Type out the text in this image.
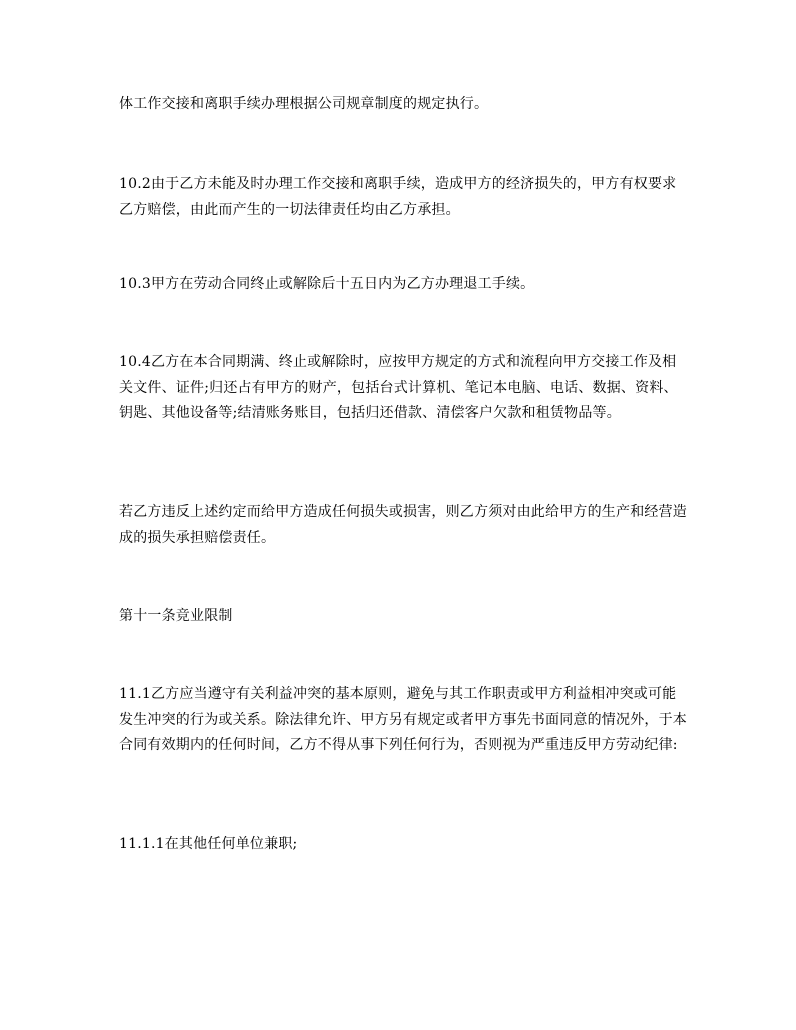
体工作交接和离职手续办理根据公司规章制度的规定执行。

10.2由于乙方未能及时办理工作交接和离职手续，造成甲方的经济损失的，甲方有权要求乙方赔偿，由此而产生的一切法律责任均由乙方承担。

10.3甲方在劳动合同终止或解除后十五日内为乙方办理退工手续。

10.4乙方在本合同期满、终止或解除时，应按甲方规定的方式和流程向甲方交接工作及相关文件、证件;归还占有甲方的财产，包括台式计算机、笔记本电脑、电话、数据、资料、钥匙、其他设备等;结清账务账目，包括归还借款、清偿客户欠款和租赁物品等。

若乙方违反上述约定而给甲方造成任何损失或损害，则乙方须对由此给甲方的生产和经营造成的损失承担赔偿责任。

第十一条竞业限制

11.1乙方应当遵守有关利益冲突的基本原则，避免与其工作职责或甲方利益相冲突或可能发生冲突的行为或关系。除法律允许、甲方另有规定或者甲方事先书面同意的情况外，于本合同有效期内的任何时间，乙方不得从事下列任何行为，否则视为严重违反甲方劳动纪律:

11.1.1在其他任何单位兼职;
